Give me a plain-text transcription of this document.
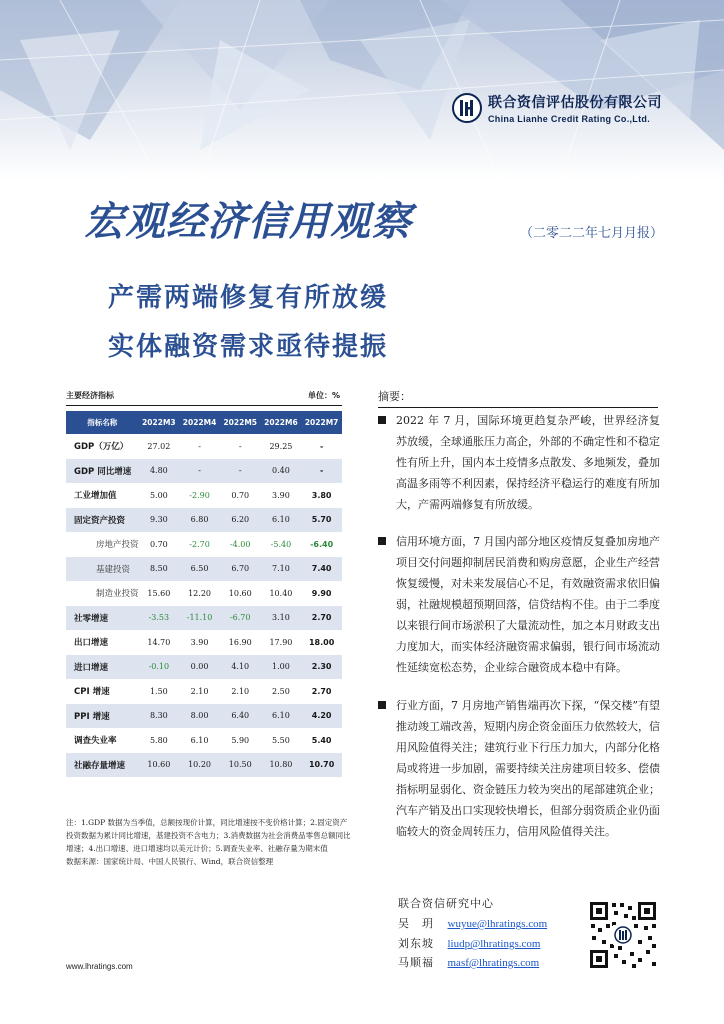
联合资信评估股份有限公司
China Lianhe Credit Rating Co.,Ltd.
宏观经济信用观察	（二零二二年七月月报）
产需两端修复有所放缓
实体融资需求亟待提振
主要经济指标	单位：%
指标名称	2022M3	2022M4	2022M5	2022M6	2022M7
GDP（万亿）	27.02	-	-	29.25	-
GDP 同比增速	4.80	-	-	0.40	-
工业增加值	5.00	-2.90	0.70	3.90	3.80
固定资产投资	9.30	6.80	6.20	6.10	5.70
房地产投资	0.70	-2.70	-4.00	-5.40	-6.40
基建投资	8.50	6.50	6.70	7.10	7.40
制造业投资	15.60	12.20	10.60	10.40	9.90
社零增速	-3.53	-11.10	-6.70	3.10	2.70
出口增速	14.70	3.90	16.90	17.90	18.00
进口增速	-0.10	0.00	4.10	1.00	2.30
CPI 增速	1.50	2.10	2.10	2.50	2.70
PPI 增速	8.30	8.00	6.40	6.10	4.20
调查失业率	5.80	6.10	5.90	5.50	5.40
社融存量增速	10.60	10.20	10.50	10.80	10.70
注：1.GDP 数据为当季值，总额按现价计算，同比增速按不变价格计算；2.固定资产投资数据为累计同比增速，基建投资不含电力；3.消费数据为社会消费品零售总额同比增速；4.出口增速、进口增速均以美元计价；5.调查失业率、社融存量为期末值
数据来源：国家统计局、中国人民银行、Wind，联合资信整理
www.lhratings.com
摘要：
2022 年 7 月，国际环境更趋复杂严峻，世界经济复苏放缓，全球通胀压力高企，外部的不确定性和不稳定性有所上升，国内本土疫情多点散发、多地频发，叠加高温多雨等不利因素，保持经济平稳运行的难度有所加大，产需两端修复有所放缓。
信用环境方面，7 月国内部分地区疫情反复叠加房地产项目交付问题抑制居民消费和购房意愿，企业生产经营恢复缓慢，对未来发展信心不足，有效融资需求依旧偏弱，社融规模超预期回落，信贷结构不佳。由于二季度以来银行间市场淤积了大量流动性，加之本月财政支出力度加大，而实体经济融资需求偏弱，银行间市场流动性延续宽松态势，企业综合融资成本稳中有降。
行业方面，7 月房地产销售端再次下探，“保交楼”有望推动竣工端改善，短期内房企资金面压力依然较大，信用风险值得关注；建筑行业下行压力加大，内部分化格局或将进一步加剧，需要持续关注房建项目较多、偿债指标明显弱化、资金链压力较为突出的尾部建筑企业；汽车产销及出口实现较快增长，但部分弱资质企业仍面临较大的资金周转压力，信用风险值得关注。
联合资信研究中心
吴　玥 wuyue@lhratings.com
刘东坡 liudp@lhratings.com
马顺福 masf@lhratings.com
